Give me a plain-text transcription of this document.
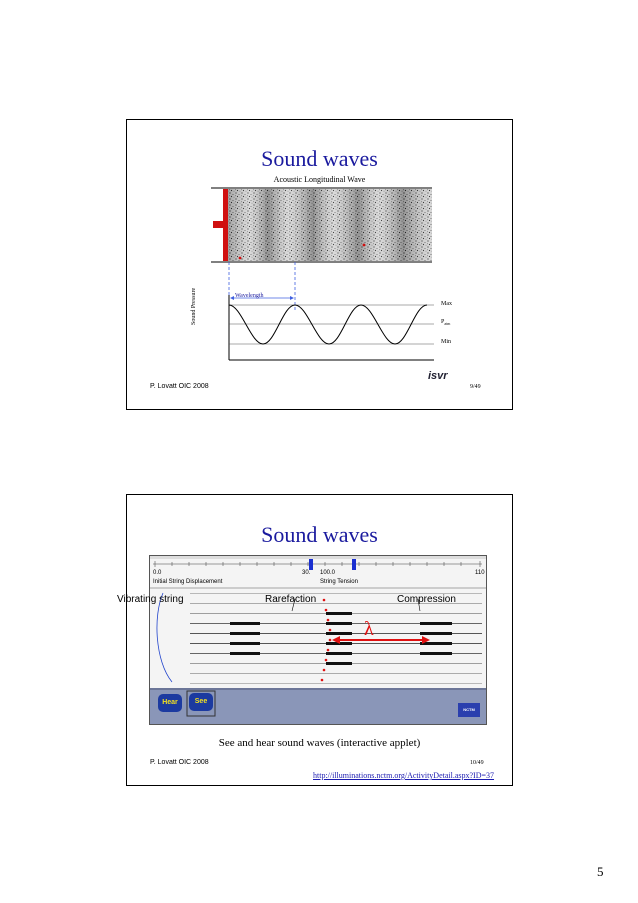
Sound waves
Acoustic Longitudinal Wave
Wavelength
Sound Pressure	Max
$P_{atm}$
Min
isvr
P. Lovatt OIC 2008	9/49
Sound waves
0.0	30.
Initial String Displacement
100.0	110
String Tension
λ
Hear	See
NCTM
Vibrating string	Rarefaction	Compression
See and hear sound waves (interactive applet)
P. Lovatt OIC 2008	10/49
http://illuminations.nctm.org/ActivityDetail.aspx?ID=37
5
